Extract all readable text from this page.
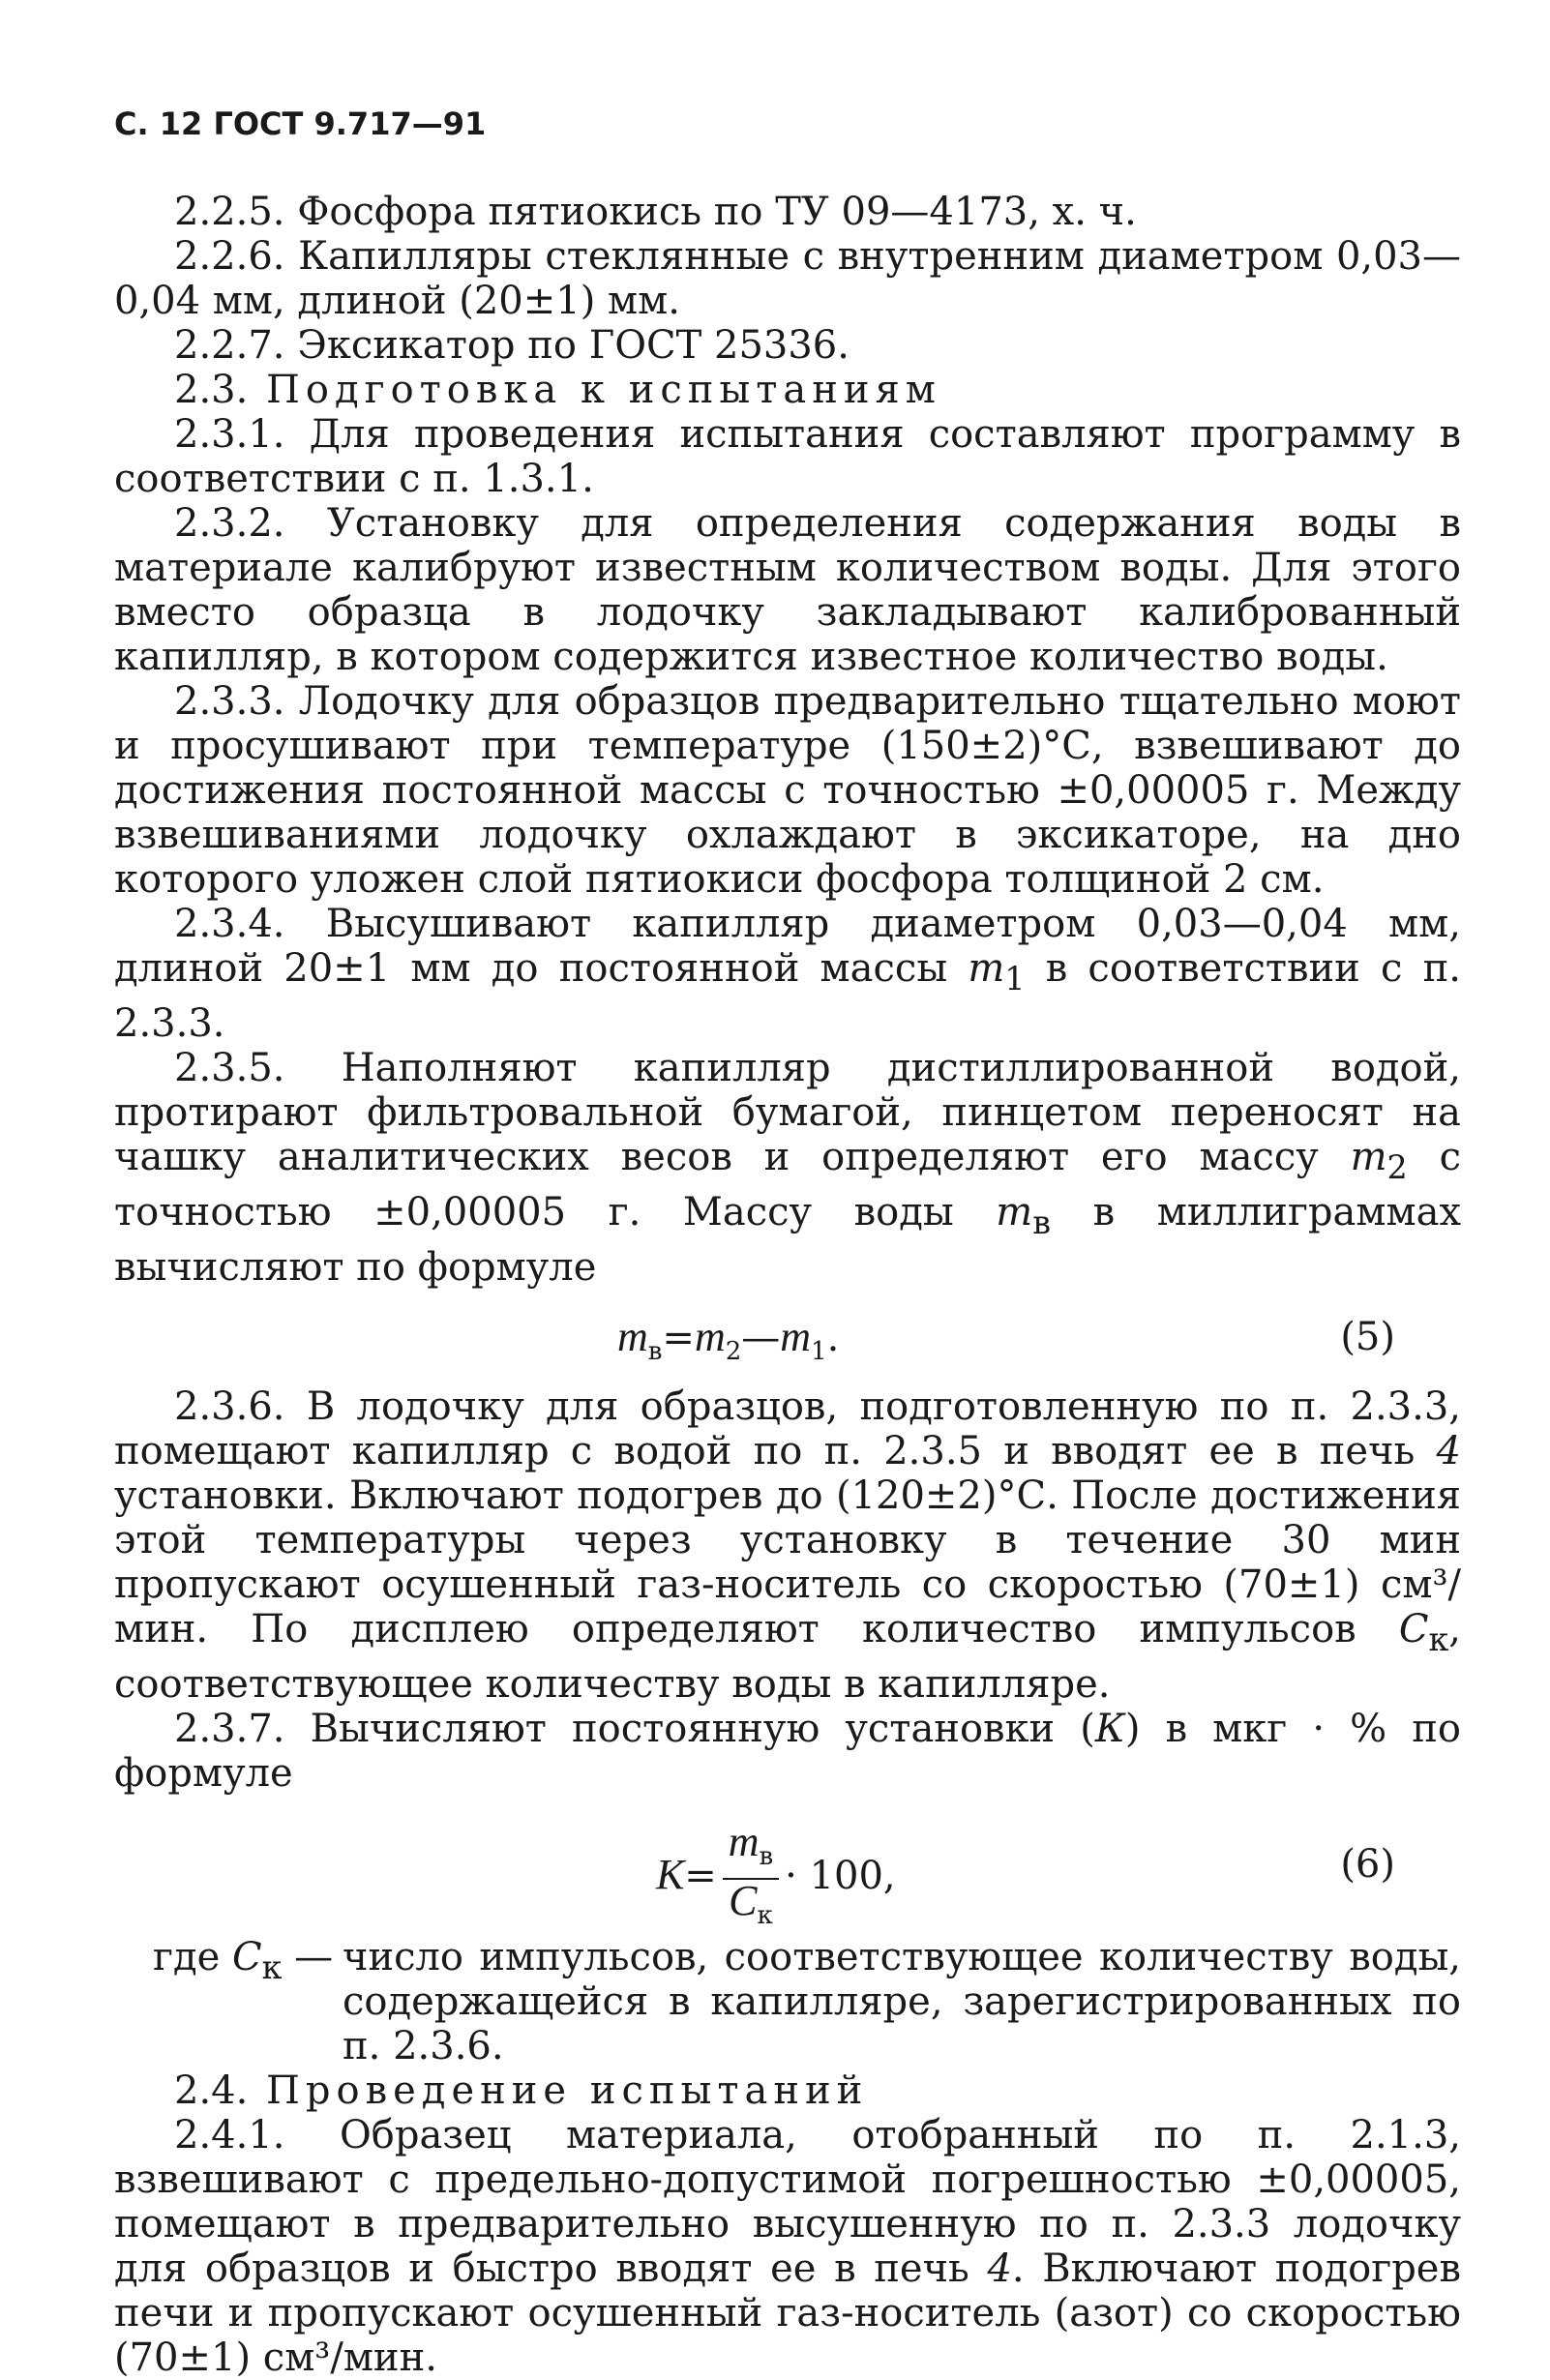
С. 12 ГОСТ 9.717—91

2.2.5. Фосфора пятиокись по ТУ 09—4173, х. ч.

2.2.6. Капилляры стеклянные с внутренним диаметром 0,03—0,04 мм, длиной (20±1) мм.

2.2.7. Эксикатор по ГОСТ 25336.

2.3. Подготовка к испытаниям

2.3.1. Для проведения испытания составляют программу в соответствии с п. 1.3.1.

2.3.2. Установку для определения содержания воды в материале калибруют известным количеством воды. Для этого вместо образца в лодочку закладывают калиброванный капилляр, в котором содержится известное количество воды.

2.3.3. Лодочку для образцов предварительно тщательно моют и просушивают при температуре (150±2)°С, взвешивают до достижения постоянной массы с точностью ±0,00005 г. Между взвешиваниями лодочку охлаждают в эксикаторе, на дно которого уложен слой пятиокиси фосфора толщиной 2 см.

2.3.4. Высушивают капилляр диаметром 0,03—0,04 мм, длиной 20±1 мм до постоянной массы $m_1$ в соответствии с п. 2.3.3.

2.3.5. Наполняют капилляр дистиллированной водой, протирают фильтровальной бумагой, пинцетом переносят на чашку аналитических весов и определяют его массу $m_2$ с точностью ±0,00005 г. Массу воды $m_в$ в миллиграммах вычисляют по формуле

$m_в=m_2—m_1$.	(5)

2.3.6. В лодочку для образцов, подготовленную по п. 2.3.3, помещают капилляр с водой по п. 2.3.5 и вводят ее в печь 4 установки. Включают подогрев до (120±2)°С. После достижения этой температуры через установку в течение 30 мин пропускают осушенный газ-носитель со скоростью (70±1) см³/мин. По дисплею определяют количество импульсов $С_к$, соответствующее количеству воды в капилляре.

2.3.7. Вычисляют постоянную установки (К) в мкг · % по формуле

$К= \frac{m_в}{С_к} \cdot 100$,	(6)
где $С_к$ — число импульсов, соответствующее количеству воды, содержащейся в капилляре, зарегистрированных по п. 2.3.6.

2.4. Проведение испытаний

2.4.1. Образец материала, отобранный по п. 2.1.3, взвешивают с предельно-допустимой погрешностью ±0,00005, помещают в предварительно высушенную по п. 2.3.3 лодочку для образцов и быстро вводят ее в печь 4. Включают подогрев печи и пропускают осушенный газ-носитель (азот) со скоростью (70±1) см³/мин.
